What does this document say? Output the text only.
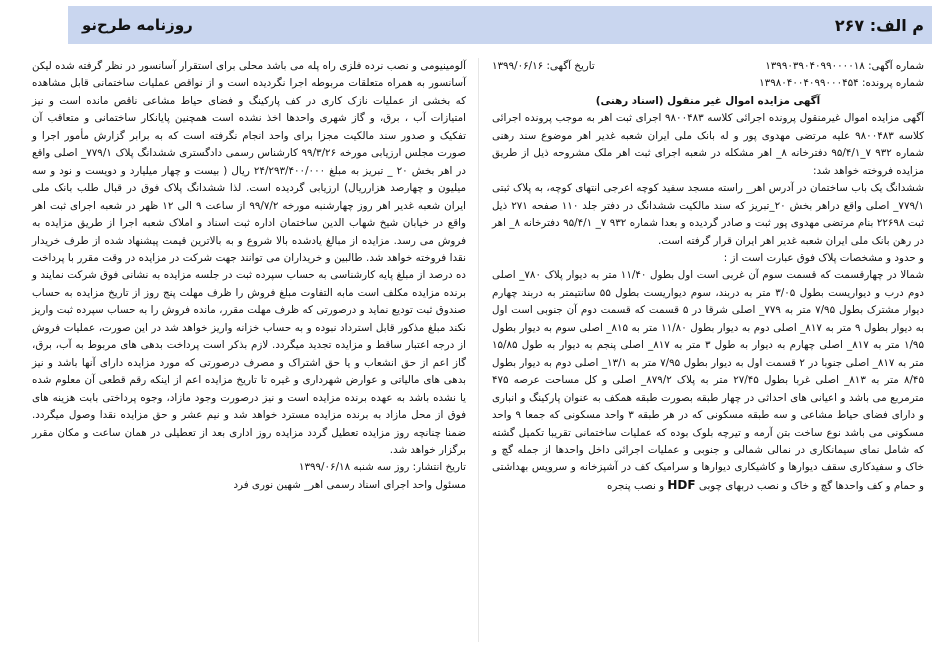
م الف: ۲۶۷
روزنامه طرح‌نو
شماره آگهی: ۱۳۹۹۰۳۹۰۴۰۹۹۰۰۰۰۱۸
تاریخ آگهی: ۱۳۹۹/۰۶/۱۶

شماره پرونده: ۱۳۹۸۰۴۰۰۴۰۹۹۰۰۰۴۵۴

آگهی مزایده اموال غیر منقول (اسناد رهنی)

آگهی مزایده اموال غیرمنقول پرونده اجرائی کلاسه ۹۸۰۰۴۸۳ اجرای ثبت اهر به موجب پرونده اجرائی کلاسه ۹۸۰۰۴۸۳ علیه مرتضی مهدوی پور و له بانک ملی ایران شعبه غدیر اهر موضوع سند رهنی شماره ۹۳۲ ۷_۹۵/۴/۱ دفترخانه ۸_ اهر مشکله در شعبه اجرای ثبت اهر ملک مشروحه ذیل از طریق مزایده فروخته خواهد شد:

ششدانگ یک باب ساختمان در آدرس اهر_ راسته مسجد سفید کوچه اعرجی انتهای کوچه، به پلاک ثبتی ۷۷۹/۱_ اصلی واقع دراهر بخش ۲۰_تبریز که سند مالکیت ششدانگ در دفتر جلد ۱۱۰ صفحه ۲۷۱ ذیل ثبت ۲۲۶۹۸ بنام مرتضی مهدوی پور ثبت و صادر گردیده و بعدا شماره ۹۳۲ ۷_ ۹۵/۴/۱ دفترخانه ۸_ اهر در رهن بانک ملی ایران شعبه غدیر اهر ایران قرار گرفته است.

و حدود و مشخصات پلاک فوق عبارت است از :

شمالا در چهارقسمت که قسمت سوم آن غربی است اول بطول ۱۱/۴۰ متر به دیوار پلاک ۷۸۰_ اصلی دوم درب و دیواریست بطول ۳/۰۵ متر به دربند، سوم دیواریست بطول ۵۵ سانتیمتر به دربند چهارم دیوار مشترک بطول ۷/۹۵ متر به ۷۷۹_ اصلی شرقا در ۵ قسمت که قسمت دوم آن جنوبی است اول به دیوار بطول ۹ متر به ۸۱۷_ اصلی دوم به دیوار بطول ۱۱/۸۰ متر به ۸۱۵_ اصلی سوم به دیوار بطول ۱/۹۵ متر به ۸۱۷_ اصلی چهارم به دیوار به طول ۳ متر به ۸۱۷_ اصلی پنجم به دیوار به طول ۱۵/۸۵ متر به ۸۱۷_ اصلی جنوبا در ۲ قسمت اول به دیوار بطول ۷/۹۵ متر به ۱۳/۱_ اصلی دوم به دیوار بطول ۸/۴۵ متر به ۸۱۳_ اصلی غربا بطول ۲۷/۴۵ متر به پلاک ۸۷۹/۲_ اصلی و کل مساحت عرصه ۴۷۵ مترمربع می باشد و اعیانی های احداثی در چهار طبقه بصورت طبقه همکف به عنوان پارکینگ و انباری و دارای فضای حیاط مشاعی و سه طبقه مسکونی که در هر طبقه ۳ واحد مسکونی که جمعا ۹ واحد مسکونی می باشد نوع ساخت بتن آرمه و تیرچه بلوک بوده که عملیات ساختمانی تقریبا تکمیل گشته که شامل نمای سیمانکاری در نمالی شمالی و جنوبی و عملیات اجرائی داخل واحدها از جمله گچ و خاک و سفیدکاری سقف دیوارها و کاشیکاری دیوارها و سرامیک کف در آشپزخانه و سرویس بهداشتی و حمام و کف واحدها گچ و خاک و نصب دربهای چوبی HDF و نصب پنجره

آلومینیومی و نصب نرده فلزی راه پله می باشد محلی برای استقرار آسانسور در نظر گرفته شده لیکن آسانسور به همراه متعلقات مربوطه اجرا نگردیده است و از نواقص عملیات ساختمانی قابل مشاهده که بخشی از عملیات نازک کاری در کف پارکینگ و فضای حیاط مشاعی ناقص مانده است و نیز امتیازات آب ، برق، و گاز شهری واحدها اخذ نشده است همچنین پایانکار ساختمانی و متعاقب آن تفکیک و صدور سند مالکیت مجزا برای واحد انجام نگرفته است که به برابر گزارش مأمور اجرا و صورت مجلس ارزیابی مورخه ۹۹/۳/۲۶ کارشناس رسمی دادگستری ششدانگ پلاک ۷۷۹/۱_ اصلی واقع در اهر بخش ۲۰ _ تبریز به مبلغ ۲۴/۲۹۳/۴۰۰/۰۰۰ ریال ( بیست و چهار میلیارد و دویست و نود و سه میلیون و چهارصد هزارریال) ارزیابی گردیده است. لذا ششدانگ پلاک فوق در قبال طلب بانک ملی ایران شعبه غدیر اهر روز چهارشنبه مورخه ۹۹/۷/۲ از ساعت ۹ الی ۱۲ ظهر در شعبه اجرای ثبت اهر واقع در خیابان شیخ شهاب الدین ساختمان اداره ثبت اسناد و املاک شعبه اجرا از طریق مزایده به فروش می رسد. مزایده از مبالغ یادشده بالا شروع و به بالاترین قیمت پیشنهاد شده از طرف خریدار نقدا فروخته خواهد شد. طالبین و خریداران می توانند جهت شرکت در مزایده در وقت مقرر با پرداخت ده درصد از مبلغ پایه کارشناسی به حساب سپرده ثبت در جلسه مزایده به نشانی فوق شرکت نمایند و برنده مزایده مکلف است مابه التفاوت مبلغ فروش را ظرف مهلت پنج روز از تاریخ مزایده به حساب صندوق ثبت توديع نمايد و درصورتی که ظرف مهلت مقرر، مانده فروش را به حساب سپرده ثبت واریز نکند مبلغ مذکور قابل استرداد نبوده و به حساب خزانه واریز خواهد شد در این صورت، عملیات فروش از درجه اعتبار ساقط و مزایده تجدید میگردد. لازم بذکر است پرداخت بدهی های مربوط به آب، برق، گاز اعم از حق انشعاب و یا حق اشتراک و مصرف درصورتی که مورد مزایده دارای آنها باشد و نیز بدهی های مالیاتی و عوارض شهرداری و غیره تا تاریخ مزایده اعم از اینکه رقم قطعی آن معلوم شده یا نشده باشد به عهده برنده مزایده است و نیز درصورت وجود مازاد، وجوه پرداختی بابت هزینه های فوق از محل مازاد به برنده مزایده مسترد خواهد شد و نیم عشر و حق مزایده نقدا وصول میگردد. ضمنا چنانچه روز مزایده تعطیل گردد مزایده روز اداری بعد از تعطیلی در همان ساعت و مکان مقرر برگزار خواهد شد.

تاریخ انتشار: روز سه شنبه ۱۳۹۹/۰۶/۱۸

مسئول واحد اجرای اسناد رسمی اهر_ شهین نوری فرد
